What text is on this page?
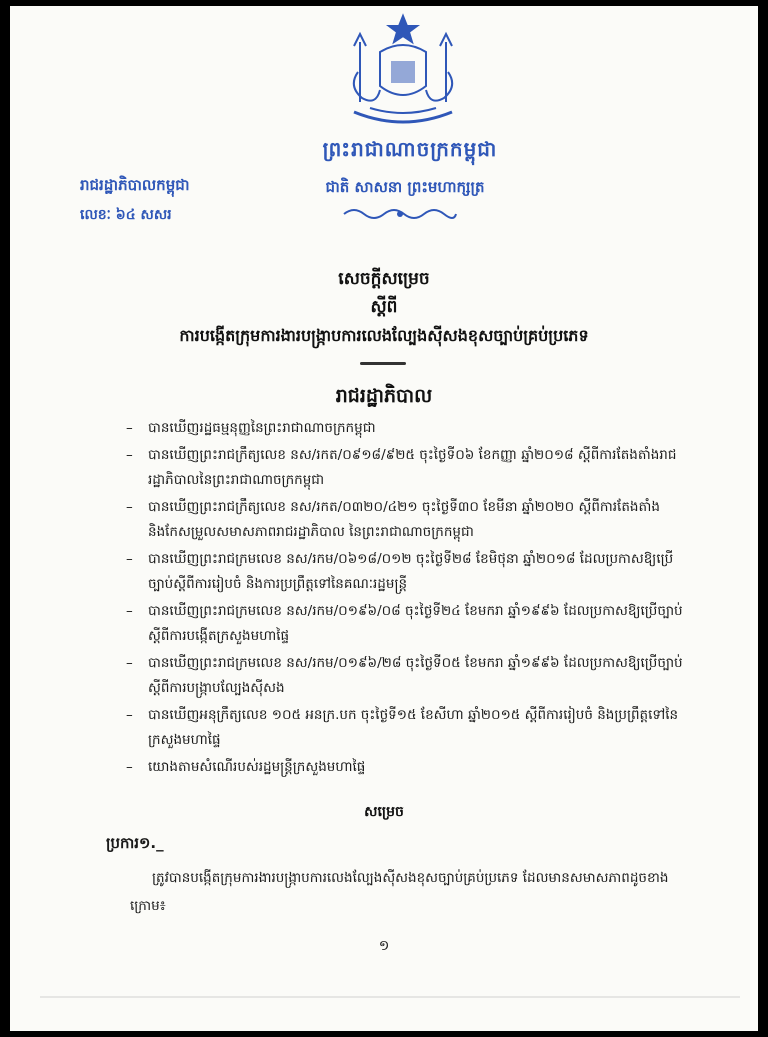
ព្រះរាជាណាចក្រកម្ពុជា
ជាតិ សាសនា ព្រះមហាក្សត្រ
រាជរដ្ឋាភិបាលកម្ពុជា
លេខៈ ៦៤ សសរ
សេចក្តីសម្រេច
ស្តីពី
ការបង្កើតក្រុមការងារបង្ក្រាបការលេងល្បែងស៊ីសងខុសច្បាប់គ្រប់ប្រភេទ
រាជរដ្ឋាភិបាល
– បានឃើញរដ្ឋធម្មនុញ្ញនៃព្រះរាជាណាចក្រកម្ពុជា
– បានឃើញព្រះរាជក្រឹត្យលេខ នស/រកត/០៩១៨/៩២៥ ចុះថ្ងៃទី០៦ ខែកញ្ញា ឆ្នាំ២០១៨ ស្តីពីការតែងតាំងរាជរដ្ឋាភិបាលនៃព្រះរាជាណាចក្រកម្ពុជា
– បានឃើញព្រះរាជក្រឹត្យលេខ នស/រកត/០៣២០/៤២១ ចុះថ្ងៃទី៣០ ខែមីនា ឆ្នាំ២០២០ ស្តីពីការតែងតាំង និងកែសម្រួលសមាសភាពរាជរដ្ឋាភិបាល នៃព្រះរាជាណាចក្រកម្ពុជា
– បានឃើញព្រះរាជក្រមលេខ នស/រកម/០៦១៨/០១២ ចុះថ្ងៃទី២៨ ខែមិថុនា ឆ្នាំ២០១៨ ដែលប្រកាសឱ្យប្រើច្បាប់ស្តីពីការរៀបចំ និងការប្រព្រឹត្តទៅនៃគណៈរដ្ឋមន្ត្រី
– បានឃើញព្រះរាជក្រមលេខ នស/រកម/០១៩៦/០៨ ចុះថ្ងៃទី២៤ ខែមករា ឆ្នាំ១៩៩៦ ដែលប្រកាសឱ្យប្រើច្បាប់ស្តីពីការបង្កើតក្រសួងមហាផ្ទៃ
– បានឃើញព្រះរាជក្រមលេខ នស/រកម/០១៩៦/២៨ ចុះថ្ងៃទី០៥ ខែមករា ឆ្នាំ១៩៩៦ ដែលប្រកាសឱ្យប្រើច្បាប់ស្តីពីការបង្ក្រាបល្បែងស៊ីសង
– បានឃើញអនុក្រឹត្យលេខ ១០៥ អនក្រ.បក ចុះថ្ងៃទី១៥ ខែសីហា ឆ្នាំ២០១៥ ស្តីពីការរៀបចំ និងប្រព្រឹត្តទៅនៃក្រសួងមហាផ្ទៃ
– យោងតាមសំណើរបស់រដ្ឋមន្ត្រីក្រសួងមហាផ្ទៃ
សម្រេច
ប្រការ១._
ត្រូវបានបង្កើតក្រុមការងារបង្ក្រាបការលេងល្បែងស៊ីសងខុសច្បាប់គ្រប់ប្រភេទ ដែលមានសមាសភាពដូចខាងក្រោម៖
១
